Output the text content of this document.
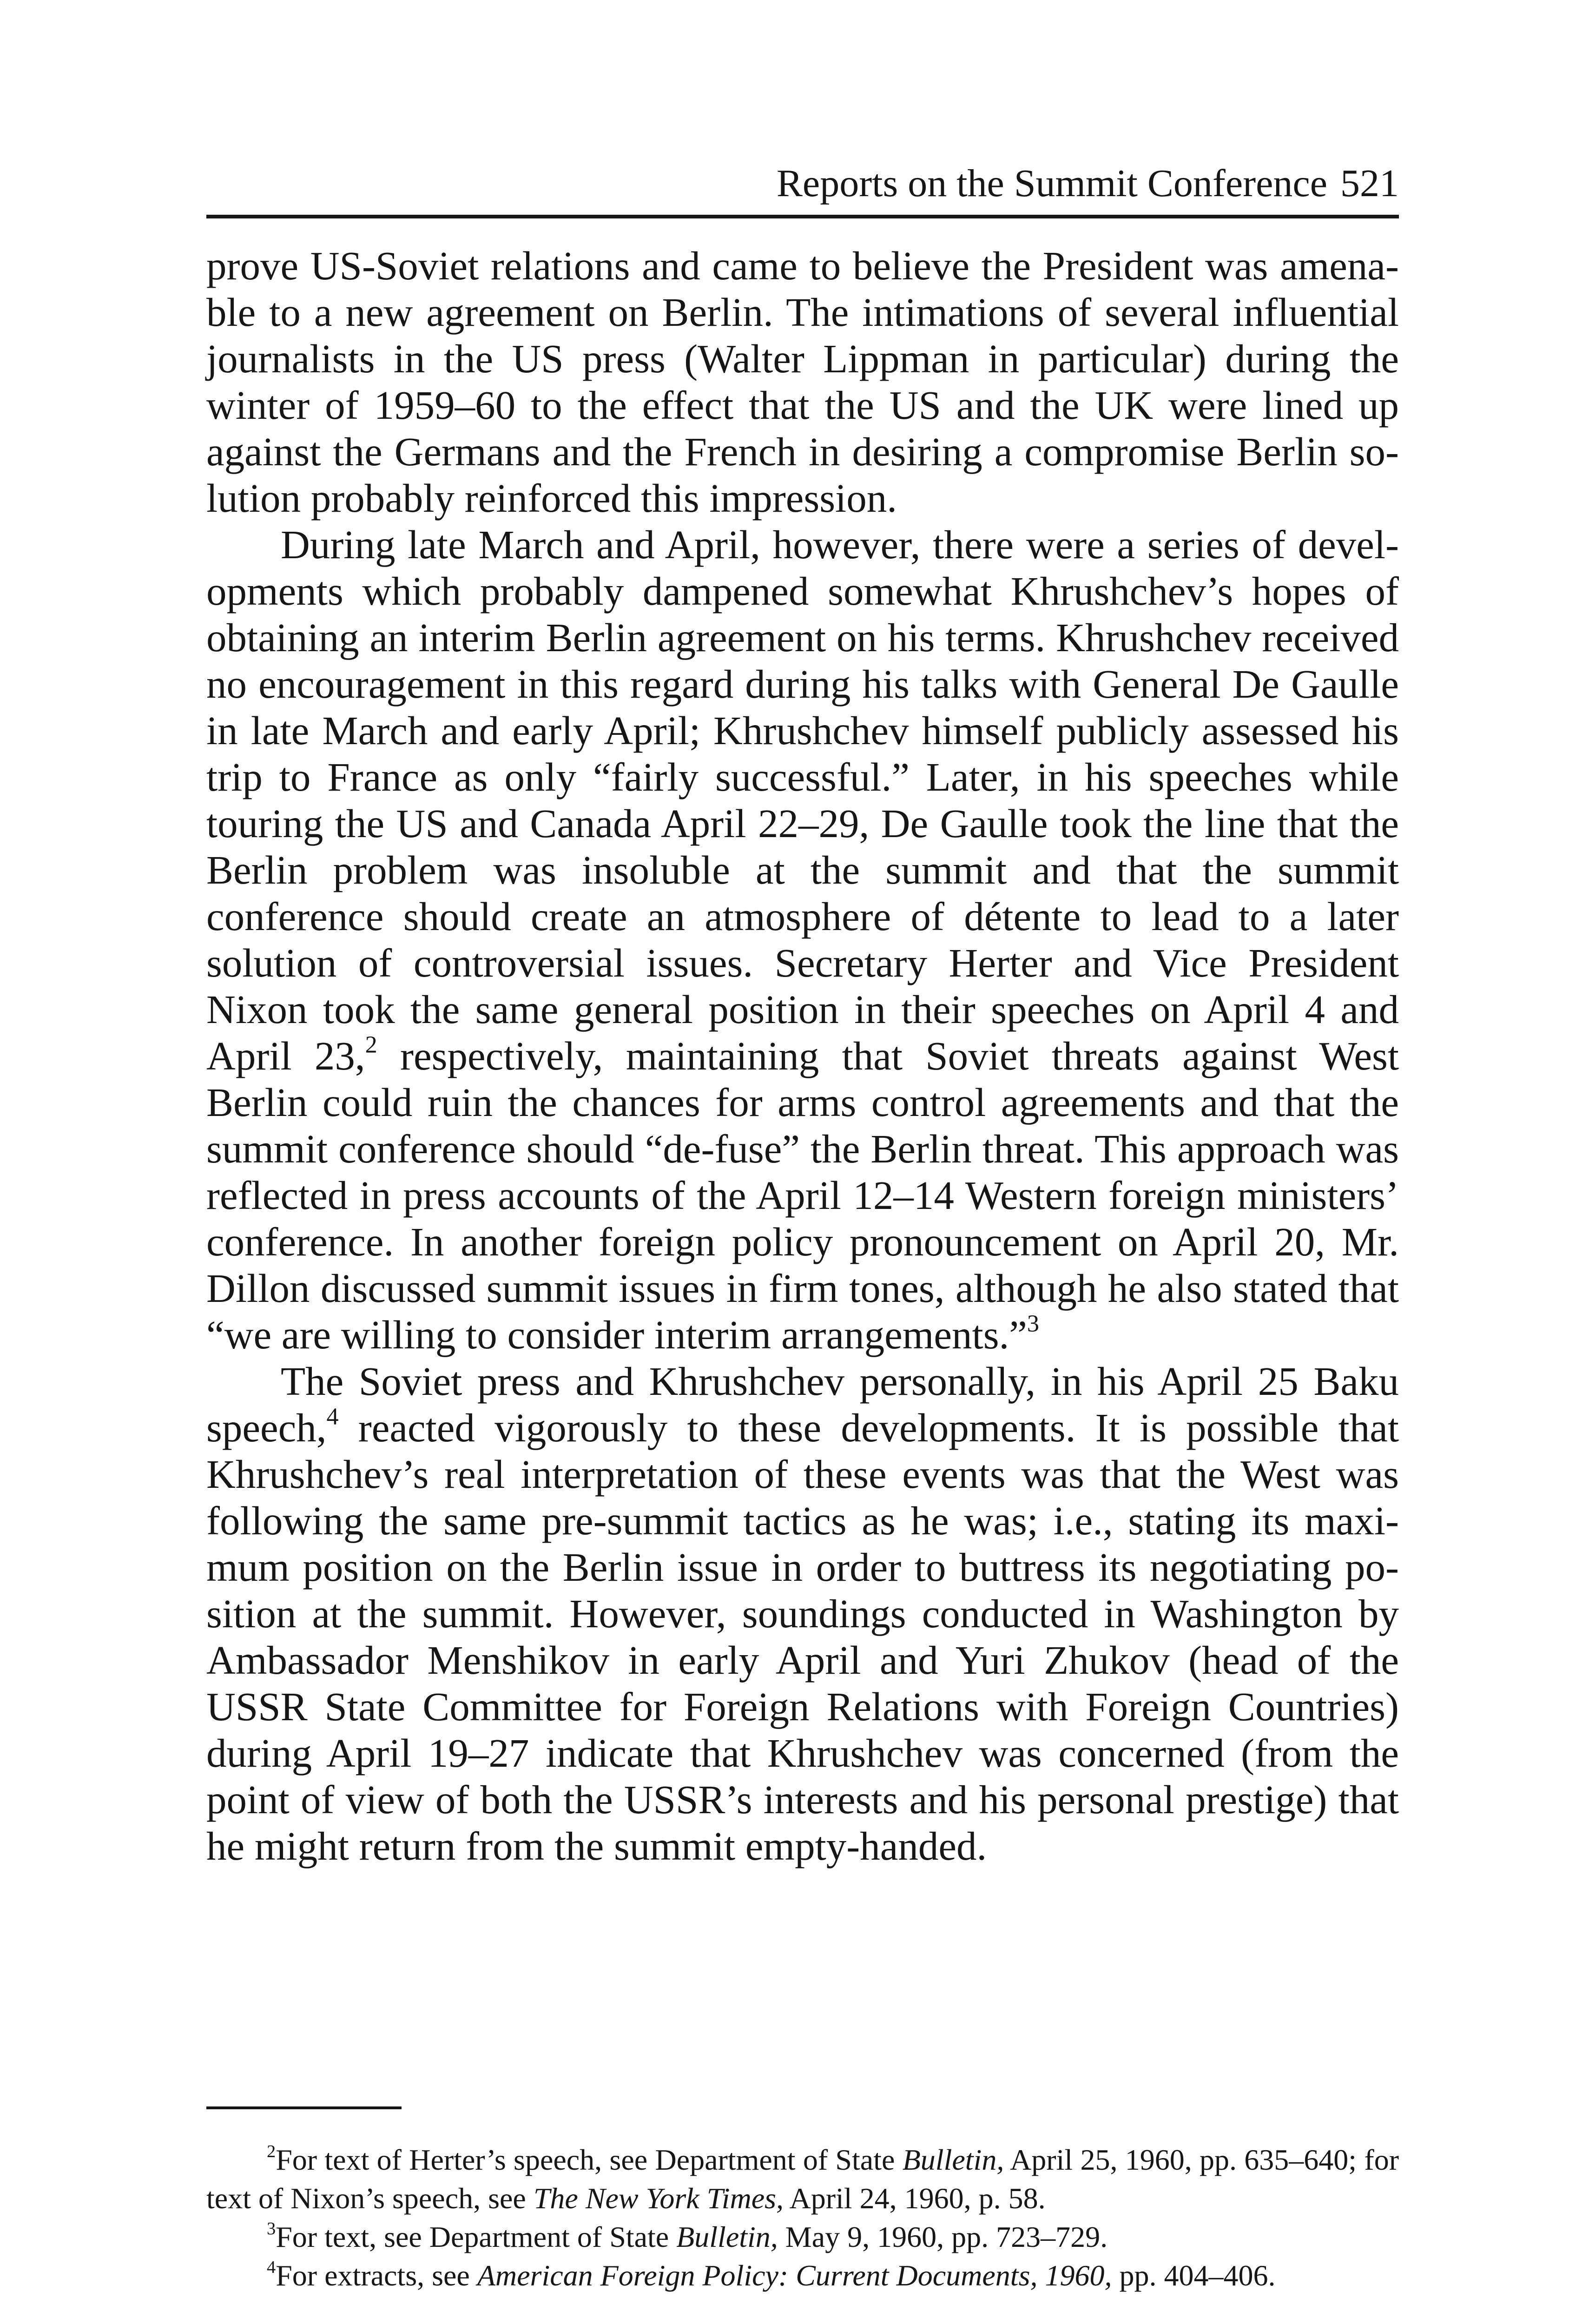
Reports on the Summit Conference 521

prove US-Soviet relations and came to believe the President was amenable to a new agreement on Berlin. The intimations of several influential journalists in the US press (Walter Lippman in particular) during the winter of 1959–60 to the effect that the US and the UK were lined up against the Germans and the French in desiring a compromise Berlin solution probably reinforced this impression.

During late March and April, however, there were a series of developments which probably dampened somewhat Khrushchev’s hopes of obtaining an interim Berlin agreement on his terms. Khrushchev received no encouragement in this regard during his talks with General De Gaulle in late March and early April; Khrushchev himself publicly assessed his trip to France as only “fairly successful.” Later, in his speeches while touring the US and Canada April 22–29, De Gaulle took the line that the Berlin problem was insoluble at the summit and that the summit conference should create an atmosphere of détente to lead to a later solution of controversial issues. Secretary Herter and Vice President Nixon took the same general position in their speeches on April 4 and April 23,$^2$ respectively, maintaining that Soviet threats against West Berlin could ruin the chances for arms control agreements and that the summit conference should “de-fuse” the Berlin threat. This approach was reflected in press accounts of the April 12–14 Western foreign ministers’ conference. In another foreign policy pronouncement on April 20, Mr. Dillon discussed summit issues in firm tones, although he also stated that “we are willing to consider interim arrangements.”$^3$

The Soviet press and Khrushchev personally, in his April 25 Baku speech,$^4$ reacted vigorously to these developments. It is possible that Khrushchev’s real interpretation of these events was that the West was following the same pre-summit tactics as he was; i.e., stating its maximum position on the Berlin issue in order to buttress its negotiating position at the summit. However, soundings conducted in Washington by Ambassador Menshikov in early April and Yuri Zhukov (head of the USSR State Committee for Foreign Relations with Foreign Countries) during April 19–27 indicate that Khrushchev was concerned (from the point of view of both the USSR’s interests and his personal prestige) that he might return from the summit empty-handed.

$^2$For text of Herter’s speech, see Department of State Bulletin, April 25, 1960, pp. 635–640; for text of Nixon’s speech, see The New York Times, April 24, 1960, p. 58.

$^3$For text, see Department of State Bulletin, May 9, 1960, pp. 723–729.

$^4$For extracts, see American Foreign Policy: Current Documents, 1960, pp. 404–406.
